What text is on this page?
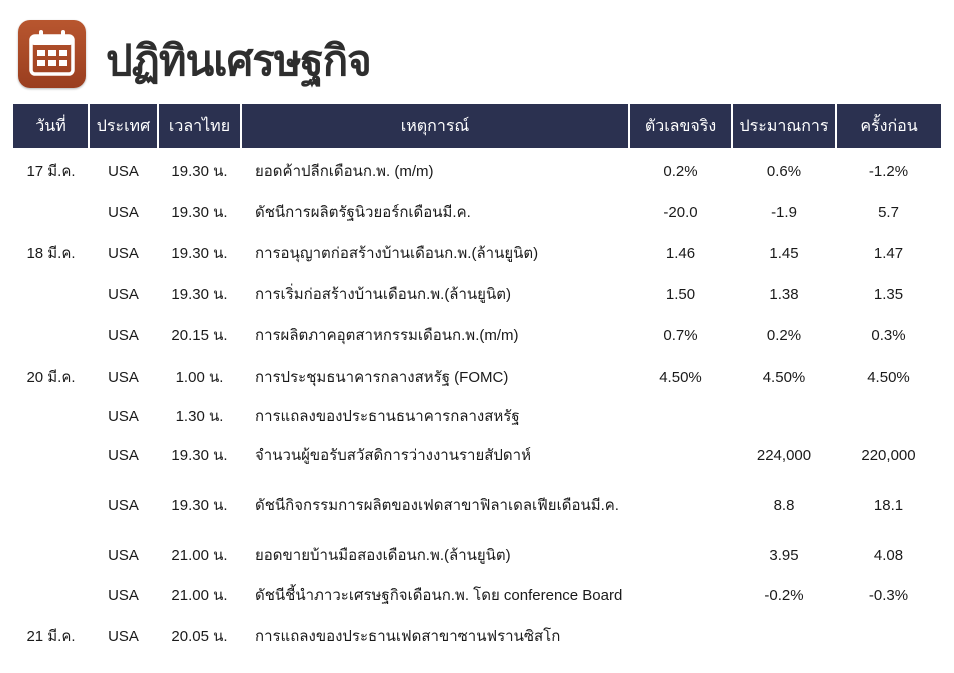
ปฏิทินเศรษฐกิจ
วันที่	ประเทศ	เวลาไทย	เหตุการณ์	ตัวเลขจริง	ประมาณการ	ครั้งก่อน
17 มี.ค.	USA	19.30 น.	ยอดค้าปลีกเดือนก.พ. (m/m)	0.2%	0.6%	-1.2%
	USA	19.30 น.	ดัชนีการผลิตรัฐนิวยอร์กเดือนมี.ค.	-20.0	-1.9	5.7
18 มี.ค.	USA	19.30 น.	การอนุญาตก่อสร้างบ้านเดือนก.พ.(ล้านยูนิต)	1.46	1.45	1.47
	USA	19.30 น.	การเริ่มก่อสร้างบ้านเดือนก.พ.(ล้านยูนิต)	1.50	1.38	1.35
	USA	20.15 น.	การผลิตภาคอุตสาหกรรมเดือนก.พ.(m/m)	0.7%	0.2%	0.3%
20 มี.ค.	USA	1.00 น.	การประชุมธนาคารกลางสหรัฐ (FOMC)	4.50%	4.50%	4.50%
	USA	1.30 น.	การแถลงของประธานธนาคารกลางสหรัฐ			
	USA	19.30 น.	จำนวนผู้ขอรับสวัสดิการว่างงานรายสัปดาห์		224,000	220,000
	USA	19.30 น.	ดัชนีกิจกรรมการผลิตของเฟดสาขาฟิลาเดลเฟียเดือนมี.ค.		8.8	18.1
	USA	21.00 น.	ยอดขายบ้านมือสองเดือนก.พ.(ล้านยูนิต)		3.95	4.08
	USA	21.00 น.	ดัชนีชี้นำภาวะเศรษฐกิจเดือนก.พ. โดย conference Board		-0.2%	-0.3%
21 มี.ค.	USA	20.05 น.	การแถลงของประธานเฟดสาขาซานฟรานซิสโก			
